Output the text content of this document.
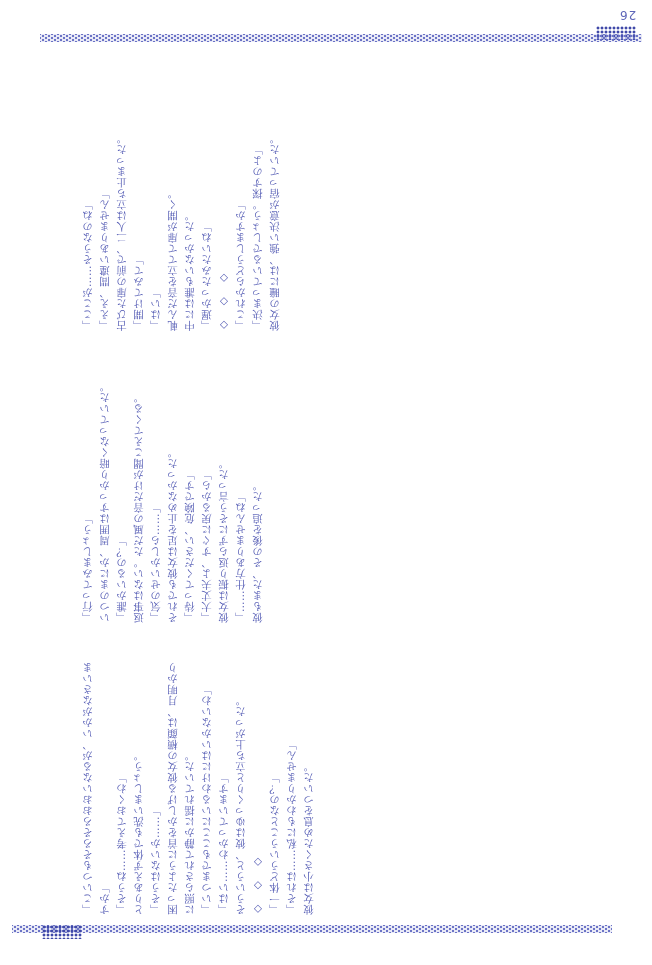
26
「こいつもそろそろおおいなるが、いかがなさいますか」
「そうね……考えておくわ」
とりあえず体でも洗いましょう。
「そうはないか……」
困ったように首をかしげる彼女の横顔は、月明かりに照らされて静かに揺れていた。
「いつまでもここにいるわけにはいかないわ」
「はい……わかっています」
そういうと、彼はゆっくりと立ち上がった。
◇　◇　◇
「一体どういうことなの？」
「それは……私にもわかりません」
彼女は小さくため息をついた。
「行ってみましょう」
いつのまにか、周囲はすっかり暗くなっていた。
「誰かいるの？」
返事はない。ただ風の音だけが聞こえてくる。
「気のせいかしら……」
それでも彼女は足を止めなかった。
「待ってください、危険です」
「大丈夫よ、すぐに戻るから」
彼女は振り返らずにそう言った。
「……仕方ありませんね」
彼もまた、その後を追った。
「ここが……そうなのね」
「ええ、間違いありません」
古びた扉の前で、二人は立ち止まった。
「開けてみて」
「はい」
軋んだ音を立てて扉が開く。
中には誰もいなかった。
「遅かったみたいね」
◇　◇　◇
「これからどうしますか」
「決まっているでしょう。探すのよ」
彼女の瞳には、強い決意が宿っていた。
